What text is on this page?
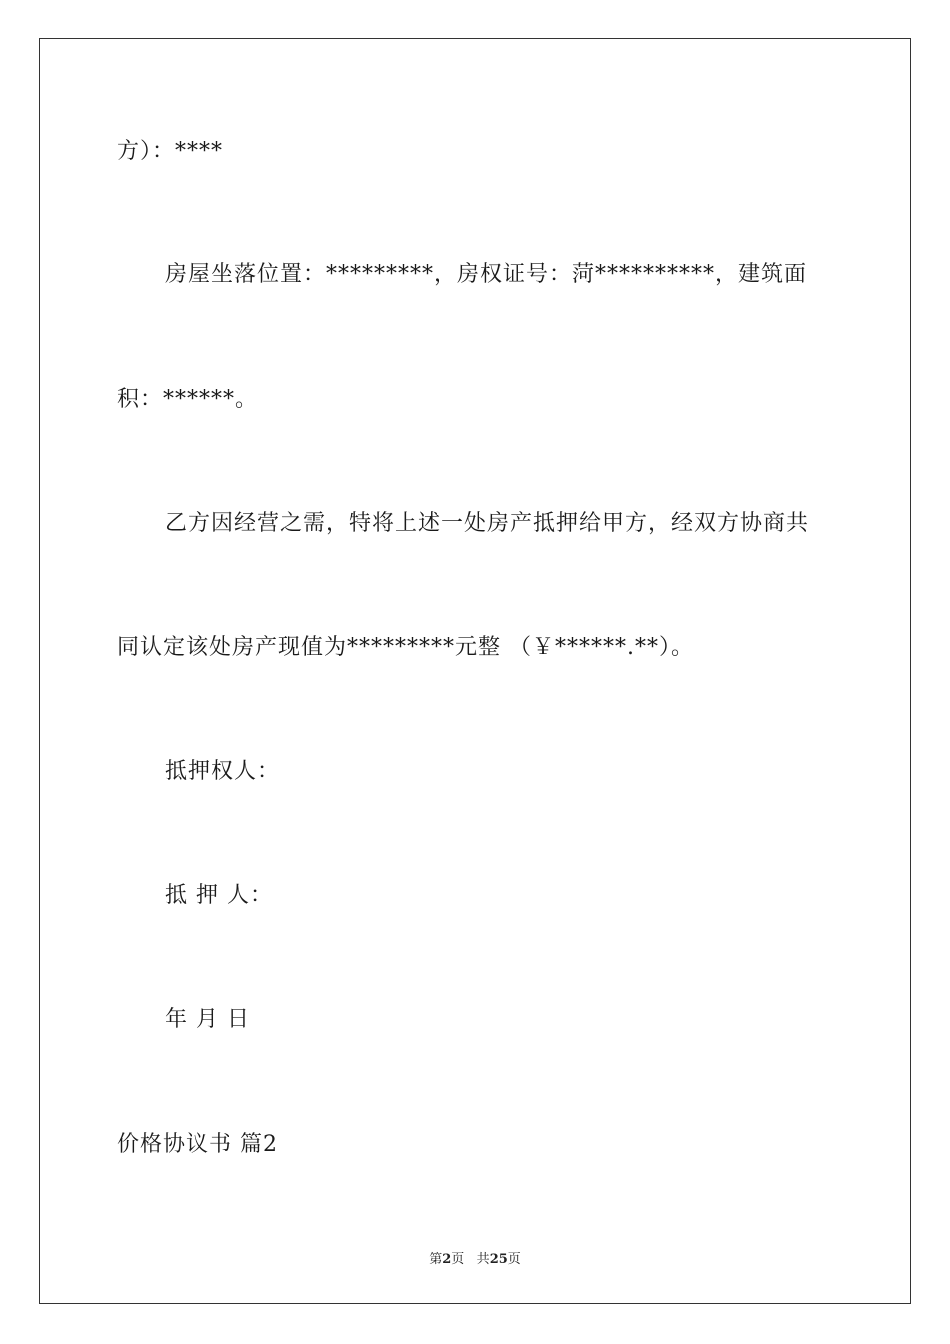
方）：****
房屋坐落位置：*********，房权证号：菏**********，建筑面
积：******。
乙方因经营之需，特将上述一处房产抵押给甲方，经双方协商共
同认定该处房产现值为*********元整 （￥******.**）。
抵押权人：
抵 押 人：
年 月 日
价格协议书 篇2
第2页 共25页
